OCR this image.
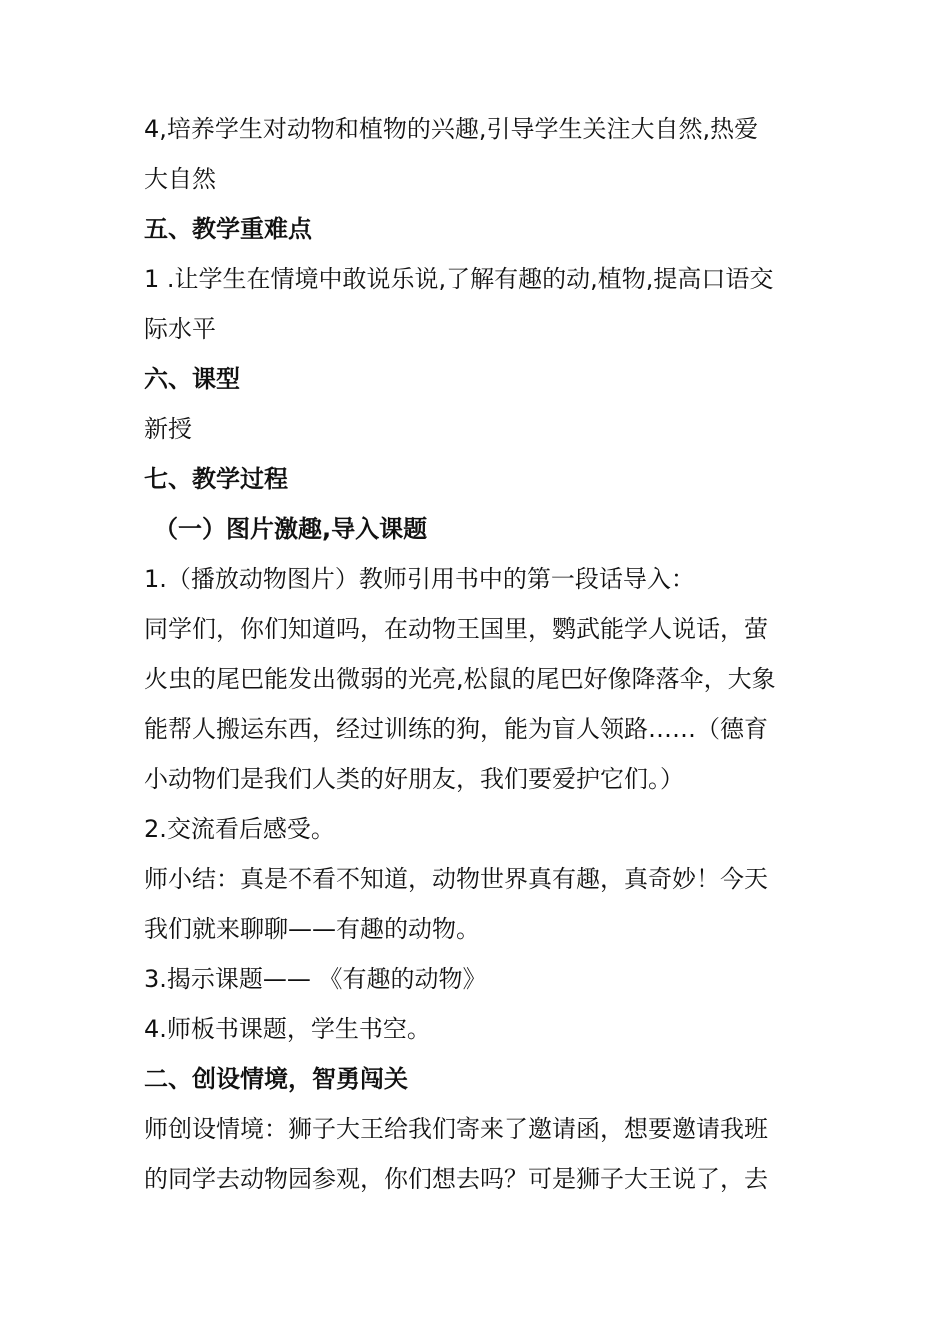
4,培养学生对动物和植物的兴趣,引导学生关注大自然,热爱
大自然
五、教学重难点
1 .让学生在情境中敢说乐说,了解有趣的动,植物,提高口语交
际水平
六、课型
新授
七、教学过程
（一）图片激趣,导入课题
1.（播放动物图片）教师引用书中的第一段话导入：
同学们，你们知道吗，在动物王国里，鹦武能学人说话，萤
火虫的尾巴能发出微弱的光亮,松鼠的尾巴好像降落伞，大象
能帮人搬运东西，经过训练的狗，能为盲人领路……（德育
小动物们是我们人类的好朋友，我们要爱护它们。）
2.交流看后感受。
师小结：真是不看不知道，动物世界真有趣，真奇妙！今天
我们就来聊聊——有趣的动物。
3.揭示课题—— 《有趣的动物》
4.师板书课题，学生书空。
二、创设情境，智勇闯关
师创设情境：狮子大王给我们寄来了邀请函，想要邀请我班
的同学去动物园参观，你们想去吗？可是狮子大王说了，去
